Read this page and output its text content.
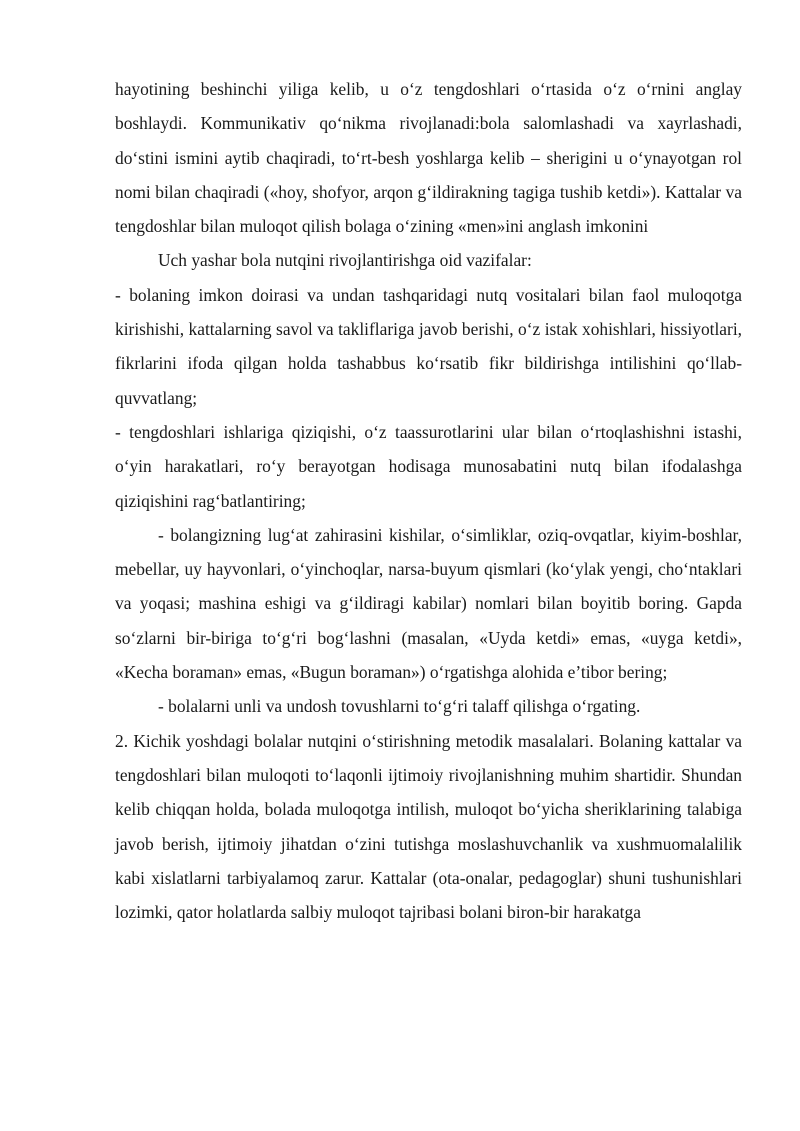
hayotining beshinchi yiliga kelib, u o‘z tengdoshlari o‘rtasida o‘z o‘rnini anglay boshlaydi. Kommunikativ qo‘nikma rivojlanadi:bola salomlashadi va xayrlashadi, do‘stini ismini aytib chaqiradi, to‘rt-besh yoshlarga kelib – sherigini u o‘ynayotgan rol nomi bilan chaqiradi («hoy, shofyor, arqon g‘ildirakning tagiga tushib ketdi»). Kattalar va tengdoshlar bilan muloqot qilish bolaga o‘zining «men»ini anglash imkonini

Uch yashar bola nutqini rivojlantirishga oid vazifalar:

- bolaning imkon doirasi va undan tashqaridagi nutq vositalari bilan faol muloqotga kirishishi, kattalarning savol va takliflariga javob berishi, o‘z istak xohishlari, hissiyotlari, fikrlarini ifoda qilgan holda tashabbus ko‘rsatib fikr bildirishga intilishini qo‘llab-quvvatlang;

- tengdoshlari ishlariga qiziqishi, o‘z taassurotlarini ular bilan o‘rtoqlashishni istashi, o‘yin harakatlari, ro‘y berayotgan hodisaga munosabatini nutq bilan ifodalashga qiziqishini rag‘batlantiring;

- bolangizning lug‘at zahirasini kishilar, o‘simliklar, oziq-ovqatlar, kiyim-boshlar, mebellar, uy hayvonlari, o‘yinchoqlar, narsa-buyum qismlari (ko‘ylak yengi, cho‘ntaklari va yoqasi; mashina eshigi va g‘ildiragi kabilar) nomlari bilan boyitib boring. Gapda so‘zlarni bir-biriga to‘g‘ri bog‘lashni (masalan, «Uyda ketdi» emas, «uyga ketdi», «Kecha boraman» emas, «Bugun boraman») o‘rgatishga alohida e’tibor bering;

- bolalarni unli va undosh tovushlarni to‘g‘ri talaff qilishga o‘rgating.

2. Kichik yoshdagi bolalar nutqini o‘stirishning metodik masalalari. Bolaning kattalar va tengdoshlari bilan muloqoti to‘laqonli ijtimoiy rivojlanishning muhim shartidir. Shundan kelib chiqqan holda, bolada muloqotga intilish, muloqot bo‘yicha sheriklarining talabiga javob berish, ijtimoiy jihatdan o‘zini tutishga moslashuvchanlik va xushmuomalalilik kabi xislatlarni tarbiyalamoq zarur. Kattalar (ota-onalar, pedagoglar) shuni tushunishlari lozimki, qator holatlarda salbiy muloqot tajribasi bolani biron-bir harakatga
